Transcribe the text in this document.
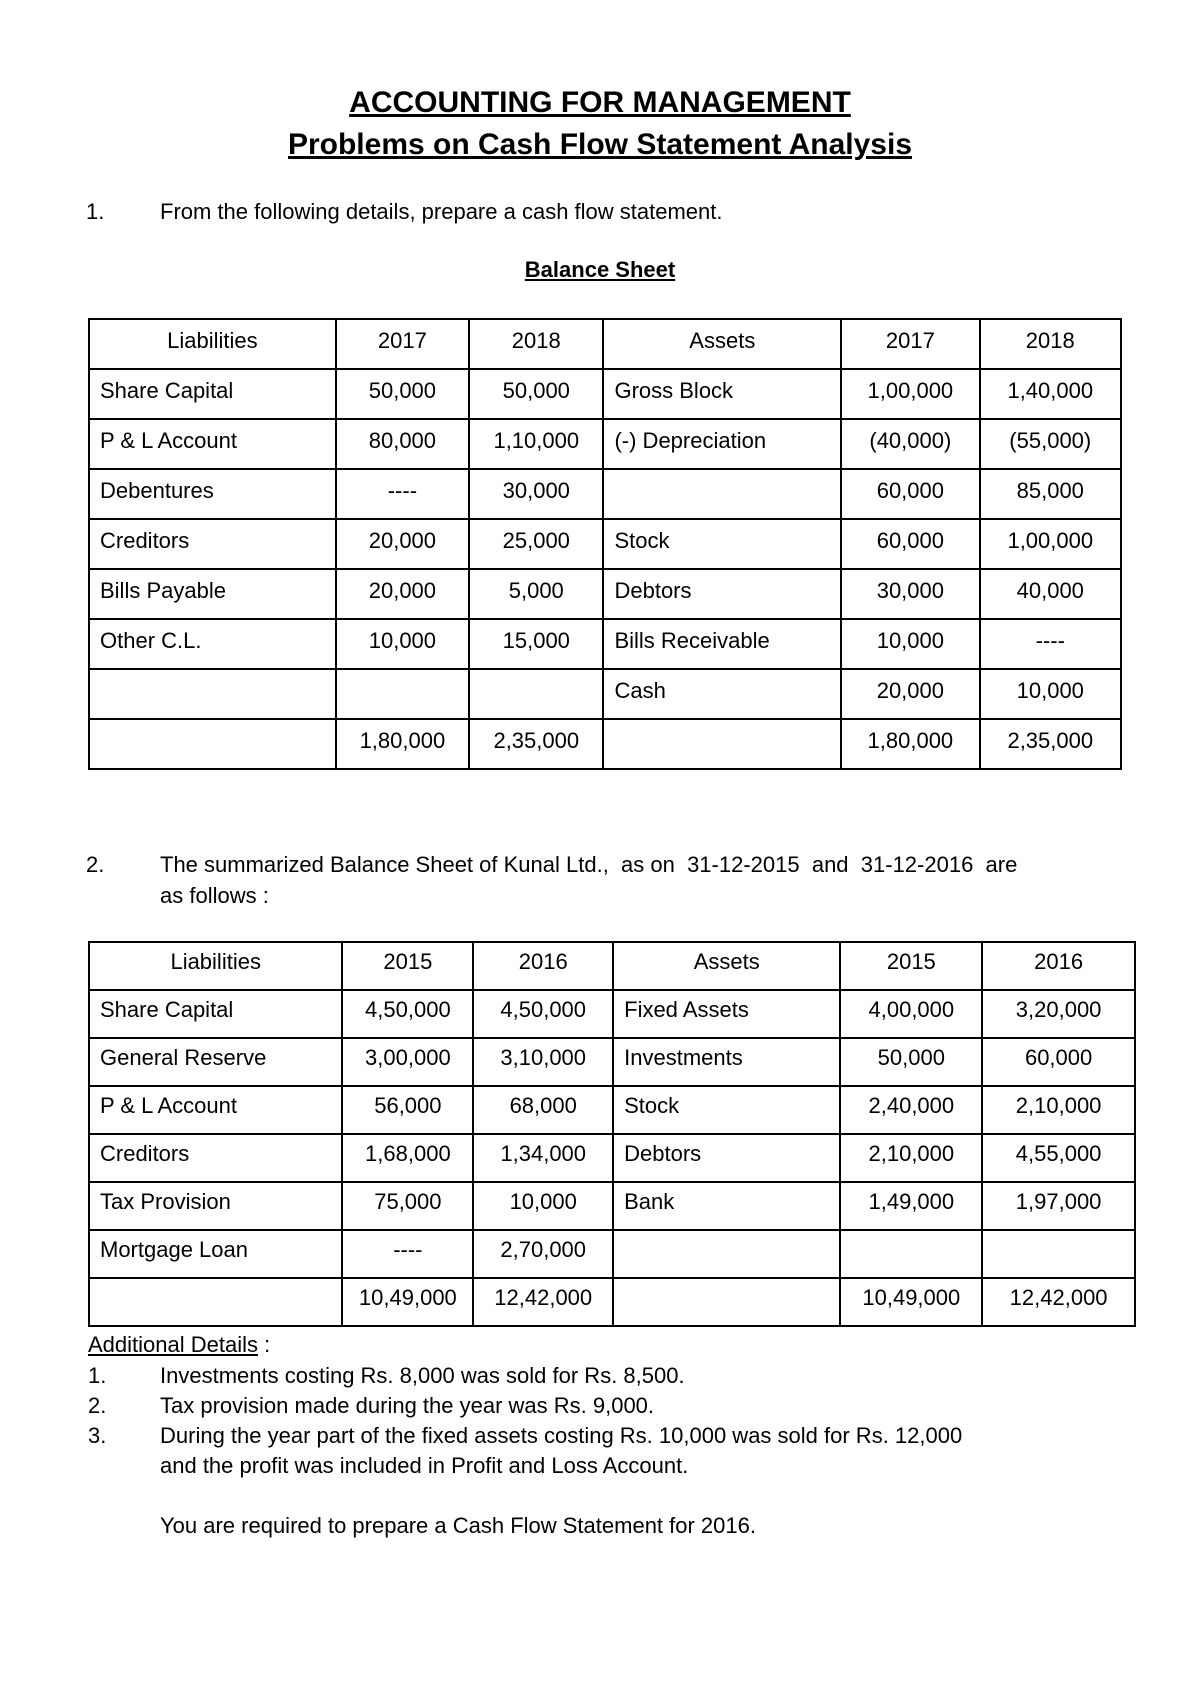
ACCOUNTING FOR MANAGEMENT
Problems on Cash Flow Statement Analysis
1.	From the following details, prepare a cash flow statement.
Balance Sheet
Liabilities	2017	2018	Assets	2017	2018
Share Capital	50,000	50,000	Gross Block	1,00,000	1,40,000
P & L Account	80,000	1,10,000	(-) Depreciation	(40,000)	(55,000)
Debentures	----	30,000		60,000	85,000
Creditors	20,000	25,000	Stock	60,000	1,00,000
Bills Payable	20,000	5,000	Debtors	30,000	40,000
Other C.L.	10,000	15,000	Bills Receivable	10,000	----
			Cash	20,000	10,000
	1,80,000	2,35,000		1,80,000	2,35,000
2.	The summarized Balance Sheet of Kunal Ltd.,  as on  31-12-2015  and  31-12-2016  are
as follows :
Liabilities	2015	2016	Assets	2015	2016
Share Capital	4,50,000	4,50,000	Fixed Assets	4,00,000	3,20,000
General Reserve	3,00,000	3,10,000	Investments	50,000	60,000
P & L Account	56,000	68,000	Stock	2,40,000	2,10,000
Creditors	1,68,000	1,34,000	Debtors	2,10,000	4,55,000
Tax Provision	75,000	10,000	Bank	1,49,000	1,97,000
Mortgage Loan	----	2,70,000			
	10,49,000	12,42,000		10,49,000	12,42,000
Additional Details :
1. Investments costing Rs. 8,000 was sold for Rs. 8,500.
2. Tax provision made during the year was Rs. 9,000.
3. During the year part of the fixed assets costing Rs. 10,000 was sold for Rs. 12,000
and the profit was included in Profit and Loss Account.
You are required to prepare a Cash Flow Statement for 2016.
